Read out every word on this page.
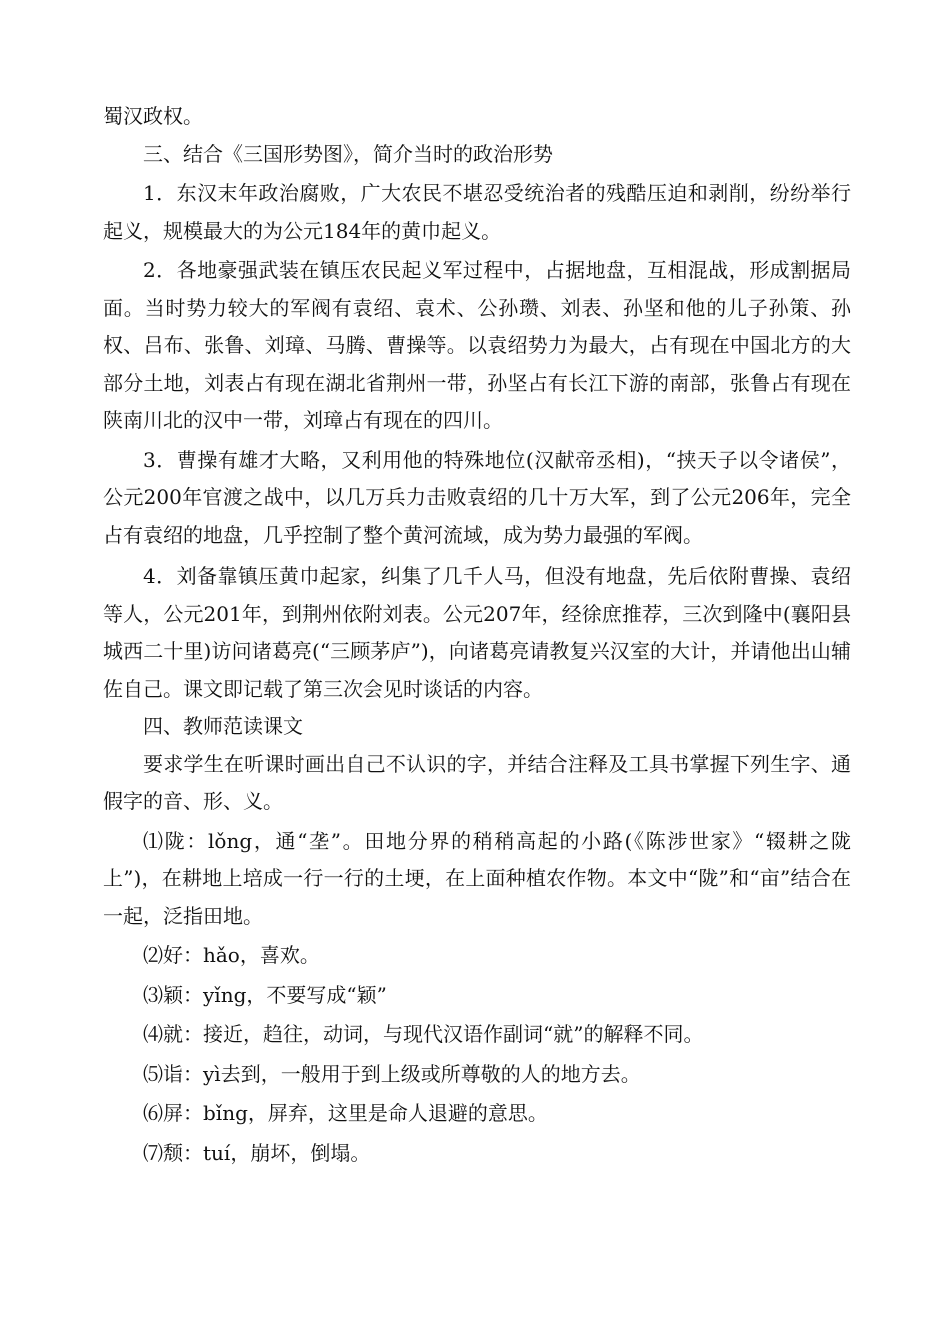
蜀汉政权。

三、结合《三国形势图》，简介当时的政治形势

1．东汉末年政治腐败，广大农民不堪忍受统治者的残酷压迫和剥削，纷纷举行起义，规模最大的为公元184年的黄巾起义。

2．各地豪强武装在镇压农民起义军过程中，占据地盘，互相混战，形成割据局面。当时势力较大的军阀有袁绍、袁术、公孙瓒、刘表、孙坚和他的儿子孙策、孙权、吕布、张鲁、刘璋、马腾、曹操等。以袁绍势力为最大，占有现在中国北方的大部分土地，刘表占有现在湖北省荆州一带，孙坚占有长江下游的南部，张鲁占有现在陕南川北的汉中一带，刘璋占有现在的四川。

3．曹操有雄才大略，又利用他的特殊地位(汉献帝丞相)，“挟天子以令诸侯”，公元200年官渡之战中，以几万兵力击败袁绍的几十万大军，到了公元206年，完全占有袁绍的地盘，几乎控制了整个黄河流域，成为势力最强的军阀。

4．刘备靠镇压黄巾起家，纠集了几千人马，但没有地盘，先后依附曹操、袁绍等人，公元201年，到荆州依附刘表。公元207年，经徐庶推荐，三次到隆中(襄阳县城西二十里)访问诸葛亮(“三顾茅庐”)，向诸葛亮请教复兴汉室的大计，并请他出山辅佐自己。课文即记载了第三次会见时谈话的内容。

四、教师范读课文

要求学生在听课时画出自己不认识的字，并结合注释及工具书掌握下列生字、通假字的音、形、义。

⑴陇：lǒng，通“垄”。田地分界的稍稍高起的小路(《陈涉世家》“辍耕之陇上”)，在耕地上培成一行一行的土埂，在上面种植农作物。本文中“陇”和“亩”结合在一起，泛指田地。

⑵好：hǎo，喜欢。

⑶颖：yǐng，不要写成“颖”

⑷就：接近，趋往，动词，与现代汉语作副词“就”的解释不同。

⑸诣：yì去到，一般用于到上级或所尊敬的人的地方去。

⑹屏：bǐng，屏弃，这里是命人退避的意思。

⑺颓：tuí，崩坏，倒塌。
